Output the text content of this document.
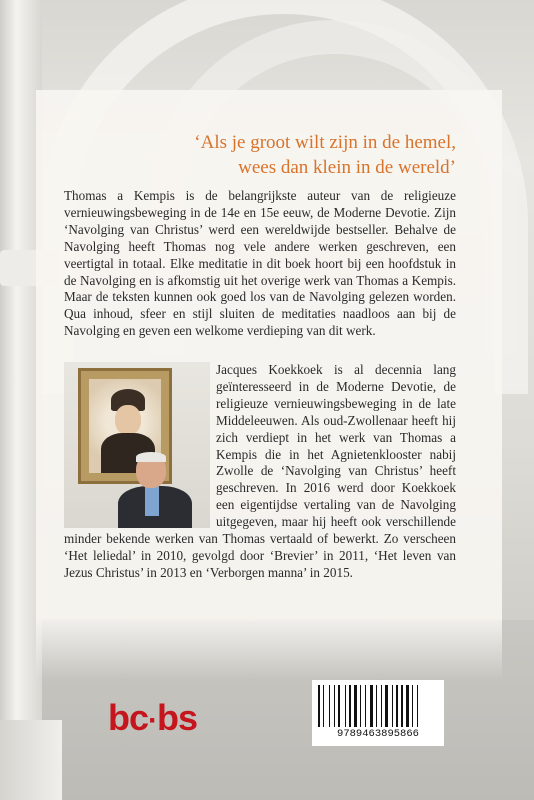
‘Als je groot wilt zijn in de hemel,
wees dan klein in de wereld’

Thomas a Kempis is de belangrijkste auteur van de religieuze vernieuwingsbeweging in de 14e en 15e eeuw, de Moderne Devotie. Zijn ‘Navolging van Christus’ werd een wereldwijde bestseller. Behalve de Navolging heeft Thomas nog vele andere werken geschreven, een veertigtal in totaal. Elke meditatie in dit boek hoort bij een hoofdstuk in de Navolging en is afkomstig uit het overige werk van Thomas a Kempis. Maar de teksten kunnen ook goed los van de Navolging gelezen worden. Qua inhoud, sfeer en stijl sluiten de meditaties naadloos aan bij de Navolging en geven een welkome verdieping van dit werk.

Jacques Koekkoek is al decennia lang geïnteresseerd in de Moderne Devotie, de religieuze vernieuwingsbeweging in de late Middeleeuwen. Als oud-Zwollenaar heeft hij zich verdiept in het werk van Thomas a Kempis die in het Agnietenklooster nabij Zwolle de ‘Navolging van Christus’ heeft geschreven. In 2016 werd door Koekkoek een eigentijdse vertaling van de Navolging uitgegeven, maar hij heeft ook verschillende minder bekende werken van Thomas vertaald of bewerkt. Zo verscheen ‘Het leliedal’ in 2010, gevolgd door ‘Brevier’ in 2011, ‘Het leven van Jezus Christus’ in 2013 en ‘Verborgen manna’ in 2015.
bc·bs	9789463895866
